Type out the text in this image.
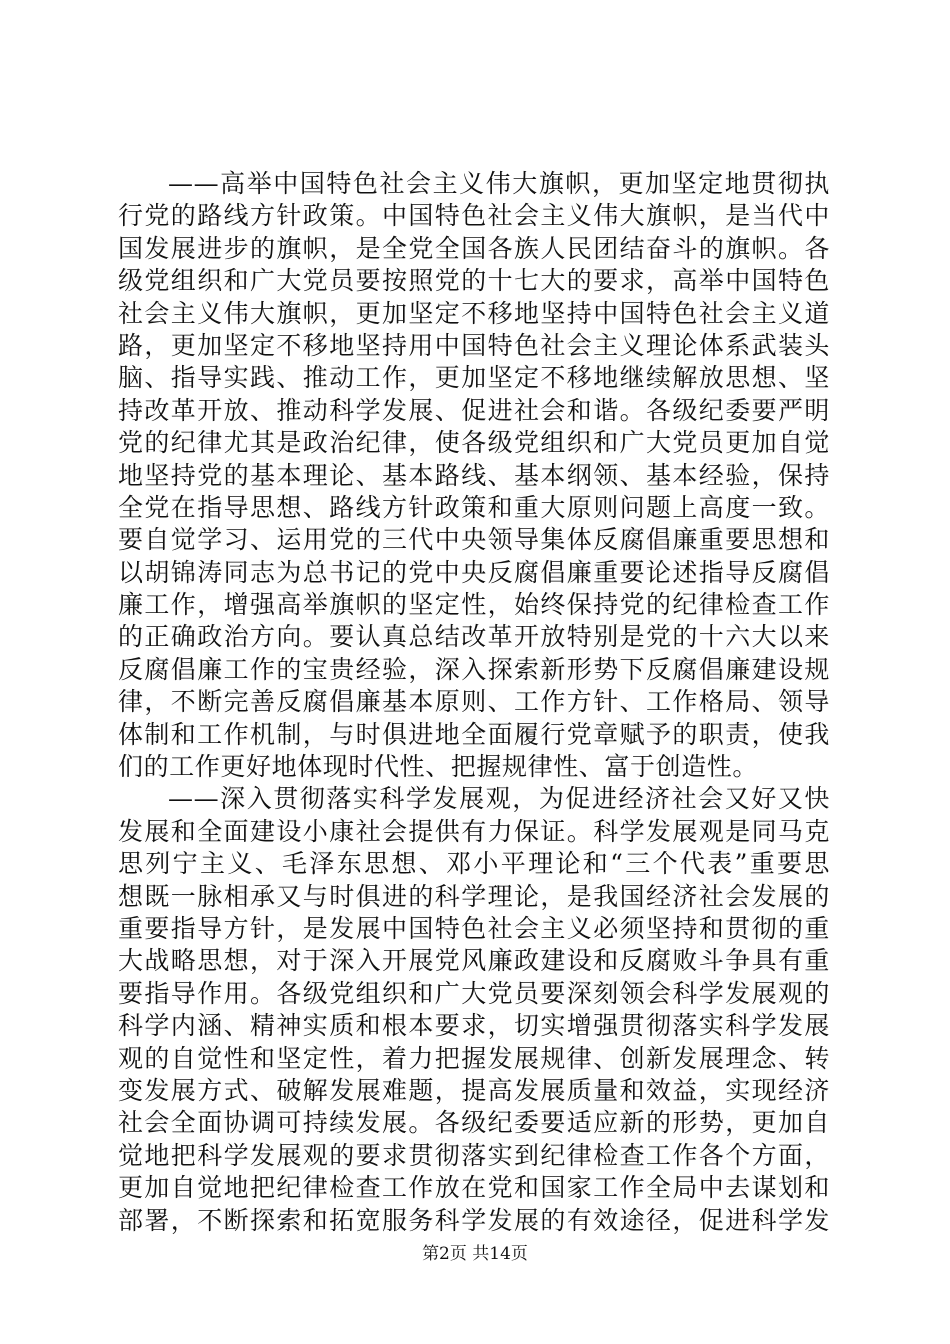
——高举中国特色社会主义伟大旗帜，更加坚定地贯彻执
行党的路线方针政策。中国特色社会主义伟大旗帜，是当代中
国发展进步的旗帜，是全党全国各族人民团结奋斗的旗帜。各
级党组织和广大党员要按照党的十七大的要求，高举中国特色
社会主义伟大旗帜，更加坚定不移地坚持中国特色社会主义道
路，更加坚定不移地坚持用中国特色社会主义理论体系武装头
脑、指导实践、推动工作，更加坚定不移地继续解放思想、坚
持改革开放、推动科学发展、促进社会和谐。各级纪委要严明
党的纪律尤其是政治纪律，使各级党组织和广大党员更加自觉
地坚持党的基本理论、基本路线、基本纲领、基本经验，保持
全党在指导思想、路线方针政策和重大原则问题上高度一致。
要自觉学习、运用党的三代中央领导集体反腐倡廉重要思想和
以胡锦涛同志为总书记的党中央反腐倡廉重要论述指导反腐倡
廉工作，增强高举旗帜的坚定性，始终保持党的纪律检查工作
的正确政治方向。要认真总结改革开放特别是党的十六大以来
反腐倡廉工作的宝贵经验，深入探索新形势下反腐倡廉建设规
律，不断完善反腐倡廉基本原则、工作方针、工作格局、领导
体制和工作机制，与时俱进地全面履行党章赋予的职责，使我
们的工作更好地体现时代性、把握规律性、富于创造性。
——深入贯彻落实科学发展观，为促进经济社会又好又快
发展和全面建设小康社会提供有力保证。科学发展观是同马克
思列宁主义、毛泽东思想、邓小平理论和“三个代表”重要思
想既一脉相承又与时俱进的科学理论，是我国经济社会发展的
重要指导方针，是发展中国特色社会主义必须坚持和贯彻的重
大战略思想，对于深入开展党风廉政建设和反腐败斗争具有重
要指导作用。各级党组织和广大党员要深刻领会科学发展观的
科学内涵、精神实质和根本要求，切实增强贯彻落实科学发展
观的自觉性和坚定性，着力把握发展规律、创新发展理念、转
变发展方式、破解发展难题，提高发展质量和效益，实现经济
社会全面协调可持续发展。各级纪委要适应新的形势，更加自
觉地把科学发展观的要求贯彻落实到纪律检查工作各个方面，
更加自觉地把纪律检查工作放在党和国家工作全局中去谋划和
部署，不断探索和拓宽服务科学发展的有效途径，促进科学发
第2页 共14页
